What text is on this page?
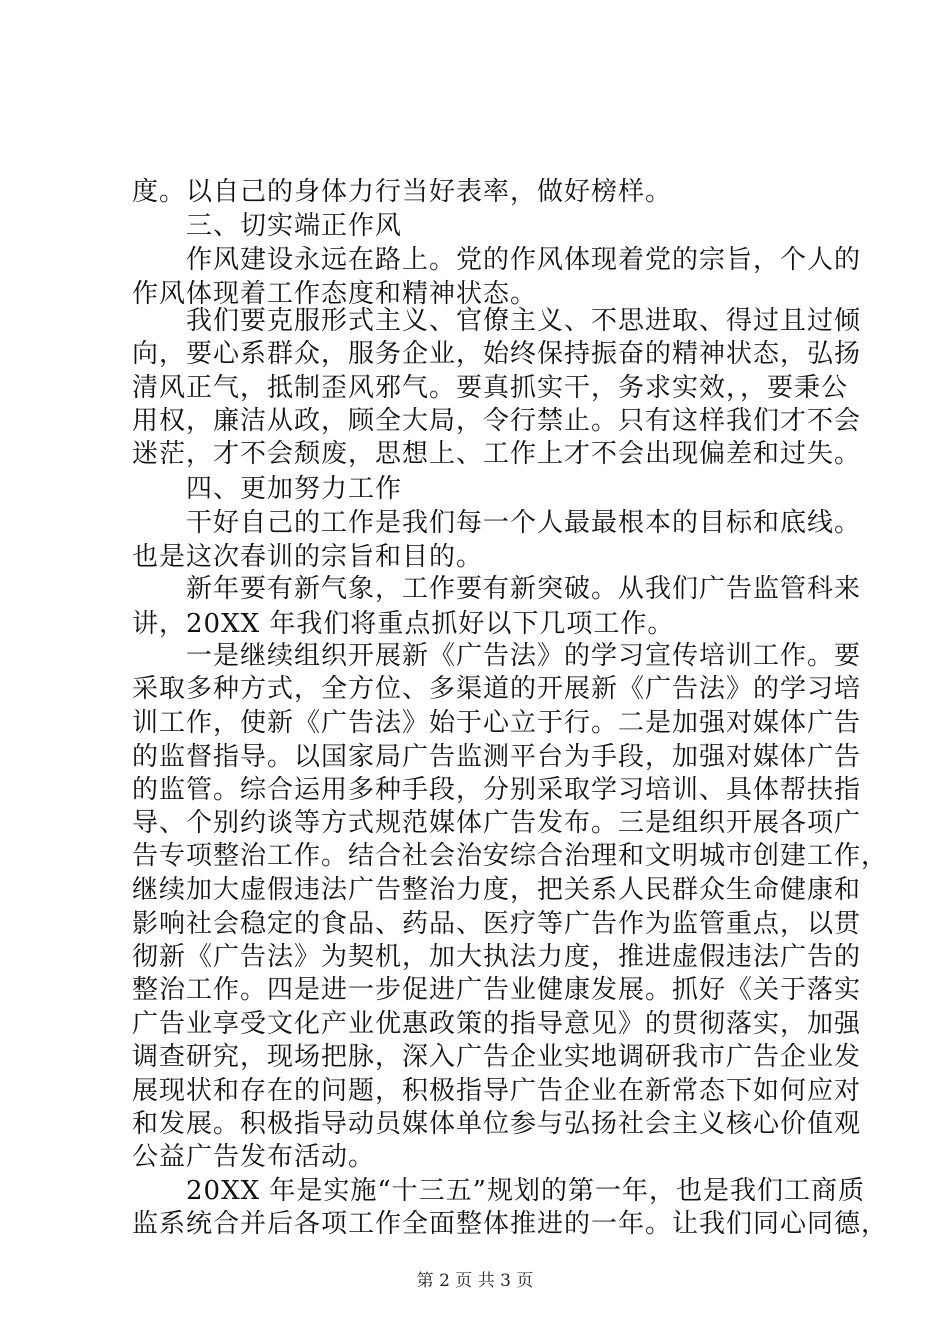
度。以自己的身体力行当好表率，做好榜样。
　　三、切实端正作风
　　作风建设永远在路上。党的作风体现着党的宗旨，个人的
作风体现着工作态度和精神状态。
　　我们要克服形式主义、官僚主义、不思进取、得过且过倾
向，要心系群众，服务企业，始终保持振奋的精神状态，弘扬
清风正气，抵制歪风邪气。要真抓实干，务求实效，，要秉公
用权，廉洁从政，顾全大局，令行禁止。只有这样我们才不会
迷茫，才不会颓废，思想上、工作上才不会出现偏差和过失。
　　四、更加努力工作
　　干好自己的工作是我们每一个人最最根本的目标和底线。
也是这次春训的宗旨和目的。
　　新年要有新气象，工作要有新突破。从我们广告监管科来
讲，20XX 年我们将重点抓好以下几项工作。
　　一是继续组织开展新《广告法》的学习宣传培训工作。要
采取多种方式，全方位、多渠道的开展新《广告法》的学习培
训工作，使新《广告法》始于心立于行。二是加强对媒体广告
的监督指导。以国家局广告监测平台为手段，加强对媒体广告
的监管。综合运用多种手段，分别采取学习培训、具体帮扶指
导、个别约谈等方式规范媒体广告发布。三是组织开展各项广
告专项整治工作。结合社会治安综合治理和文明城市创建工作，
继续加大虚假违法广告整治力度，把关系人民群众生命健康和
影响社会稳定的食品、药品、医疗等广告作为监管重点，以贯
彻新《广告法》为契机，加大执法力度，推进虚假违法广告的
整治工作。四是进一步促进广告业健康发展。抓好《关于落实
广告业享受文化产业优惠政策的指导意见》的贯彻落实，加强
调查研究，现场把脉，深入广告企业实地调研我市广告企业发
展现状和存在的问题，积极指导广告企业在新常态下如何应对
和发展。积极指导动员媒体单位参与弘扬社会主义核心价值观
公益广告发布活动。
　　20XX 年是实施“十三五”规划的第一年，也是我们工商质
监系统合并后各项工作全面整体推进的一年。让我们同心同德，
第 2 页 共 3 页
